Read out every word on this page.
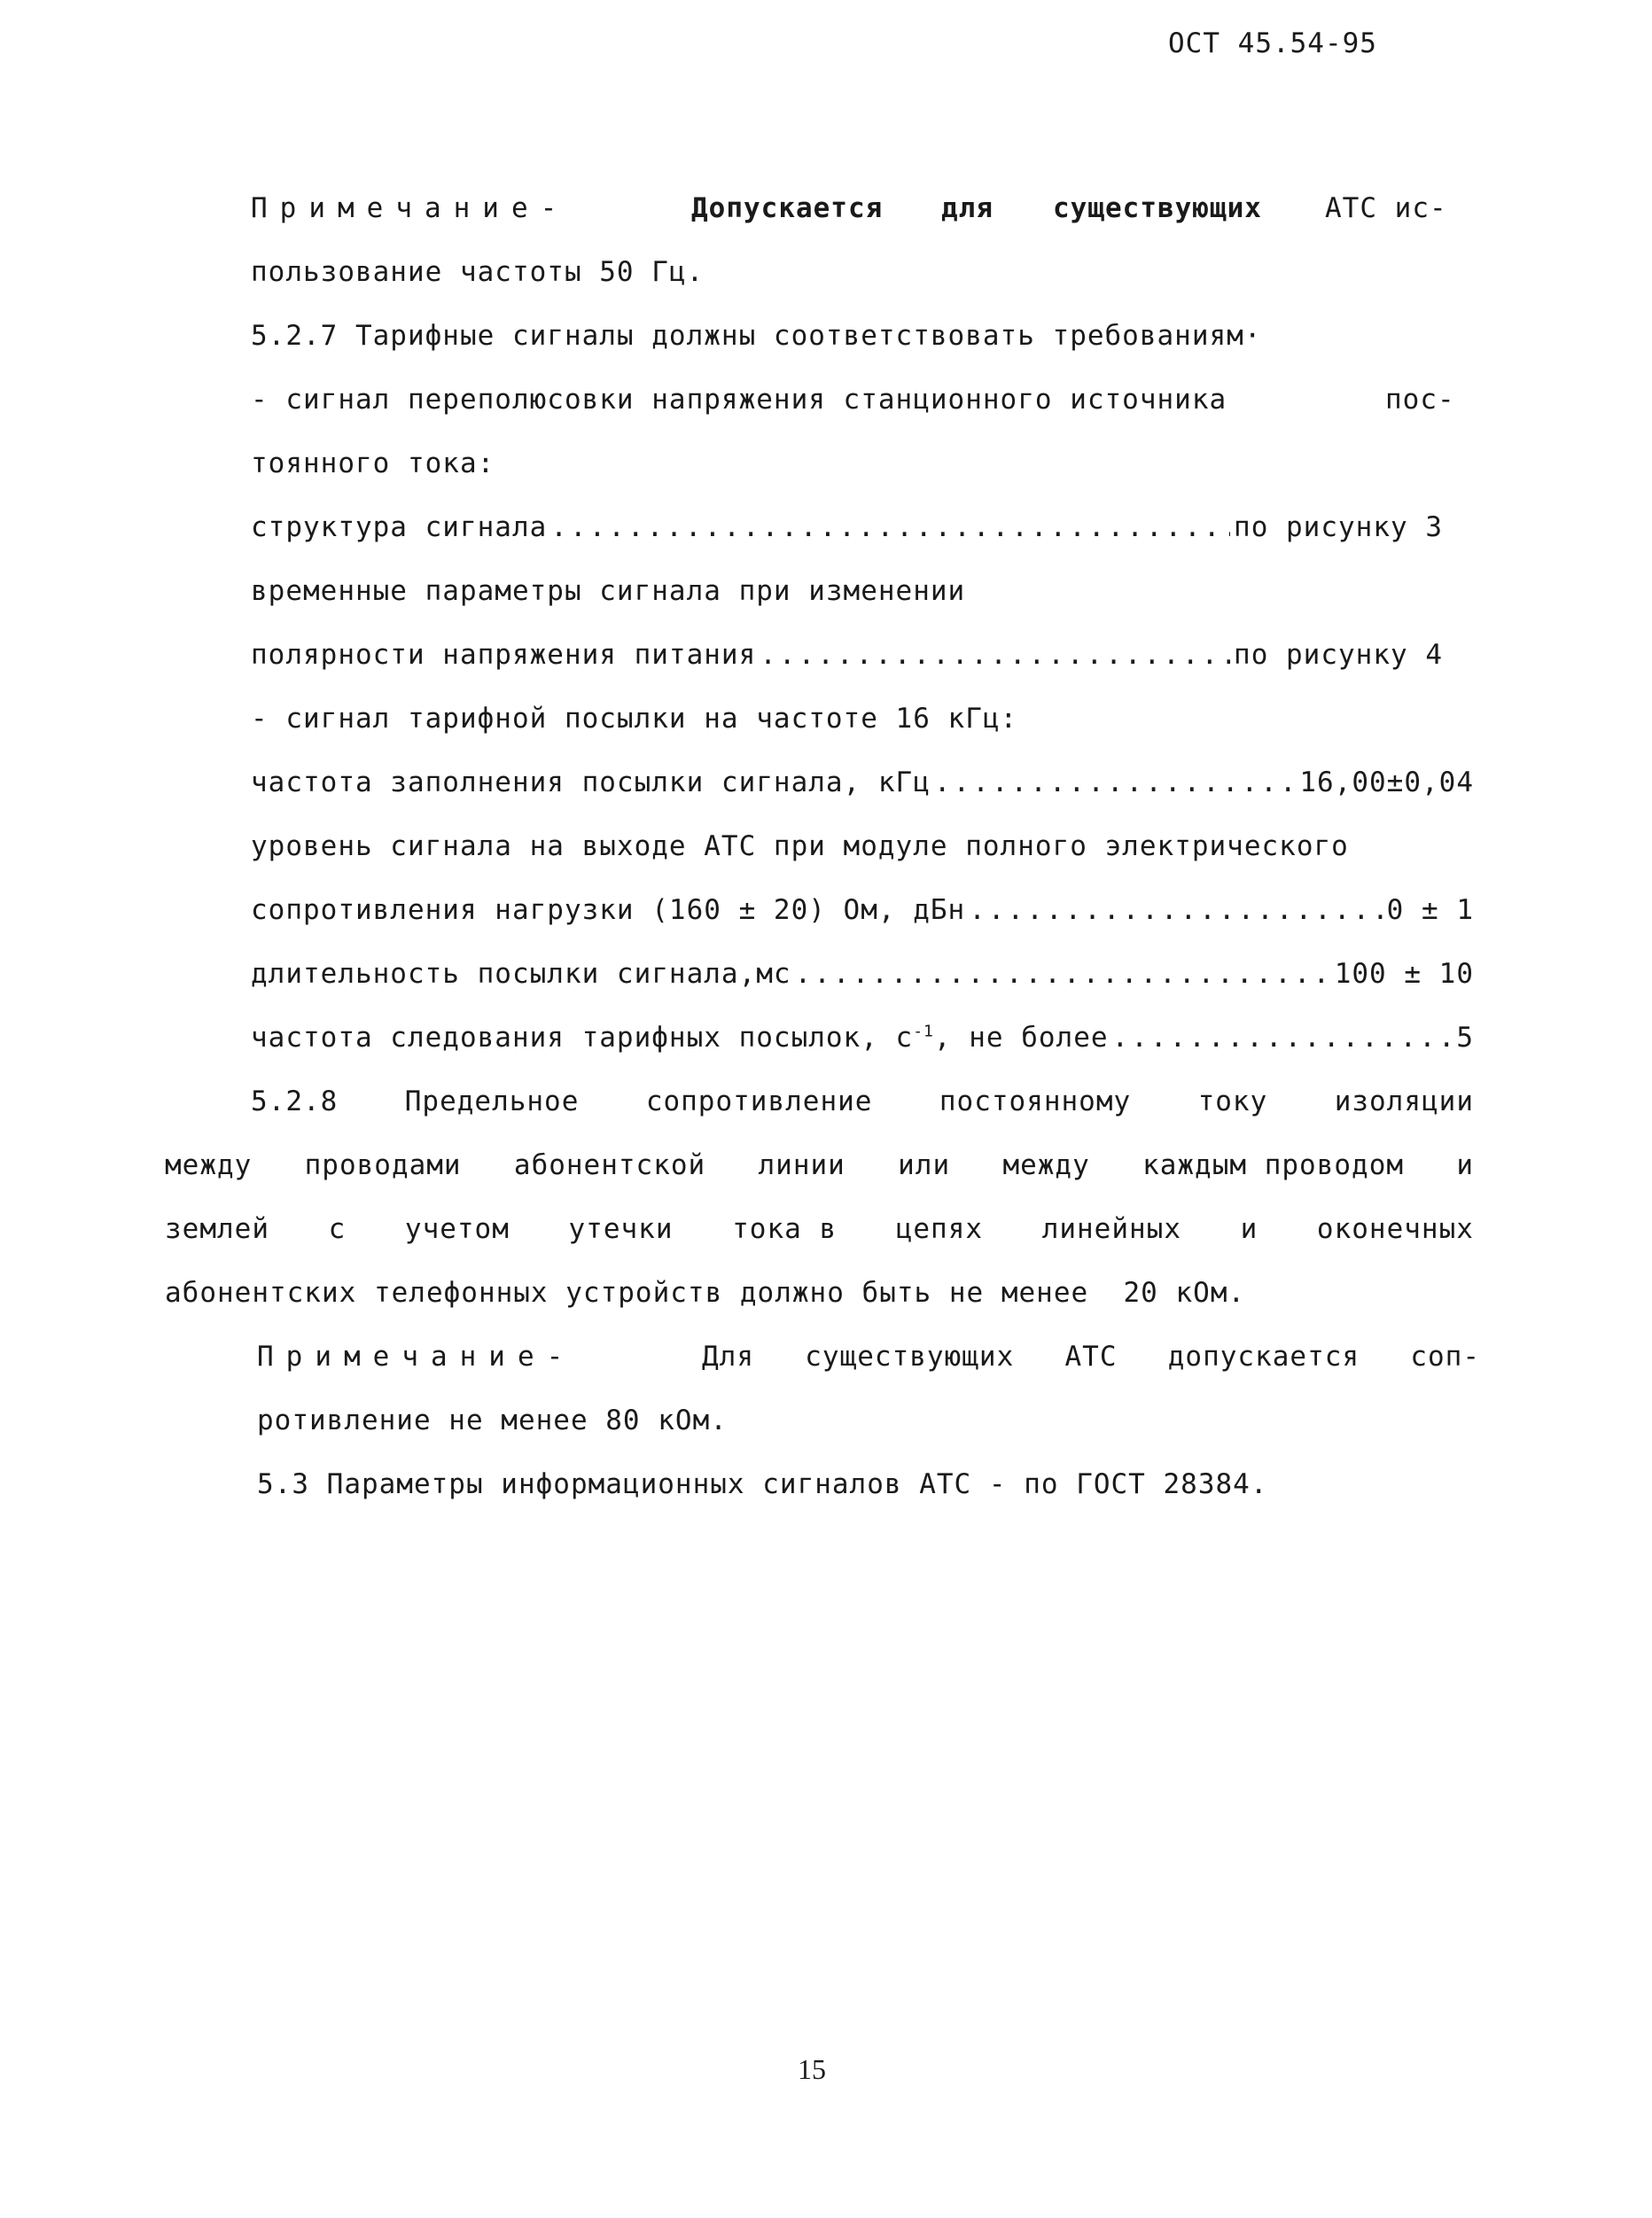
ОСТ 45.54-95
Примечание-	Допускается для существующих АТС ис-
пользование частоты 50 Гц.
5.2.7 Тарифные сигналы должны соответствовать требованиям·
- сигнал переполюсовки напряжения станционного источника	пос-
тоянного тока:
структура сигнала .....	по рисунку 3
временные параметры сигнала при изменении
полярности напряжения питания .....	по рисунку 4
- сигнал тарифной посылки на частоте 16 кГц:
частота заполнения посылки сигнала, кГц .....	16,00±0,04
уровень сигнала на выходе АТС при модуле полного электрического
сопротивления нагрузки (160 ± 20) Ом, дБн .....	0 ± 1
длительность посылки сигнала,мс .....	100 ± 10
частота следования тарифных посылок, $с^{-1}$, не более .....	5
5.2.8 Предельное сопротивление постоянному току изоляции
между проводами абонентской линии или между каждым проводом и
землей с учетом утечки тока в цепях линейных и оконечных
абонентских телефонных устройств должно быть не менее  20 кОм.
Примечание-	Для существующих АТС допускается соп-
ротивление не менее 80 кОм.
5.3 Параметры информационных сигналов АТС - по ГОСТ 28384.
15
